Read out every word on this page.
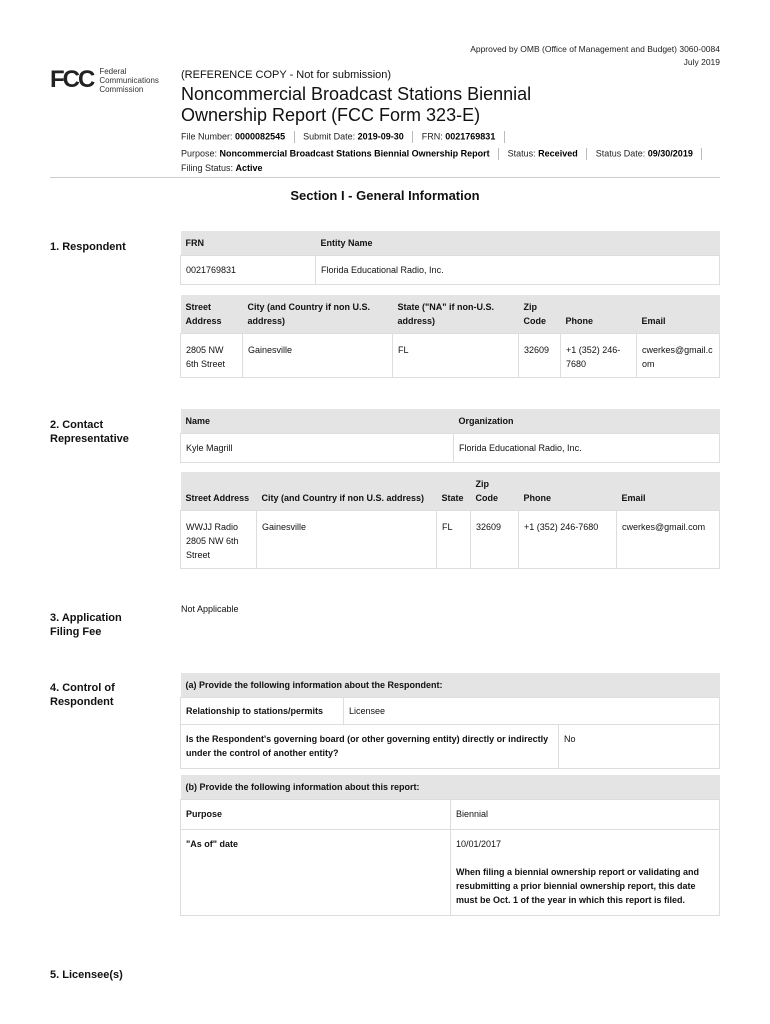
Approved by OMB (Office of Management and Budget) 3060-0084
July 2019
FCC Federal
Communications
Commission
(REFERENCE COPY - Not for submission)
Noncommercial Broadcast Stations Biennial Ownership Report (FCC Form 323-E)
File Number: 0000082545 Submit Date: 2019-09-30 FRN: 0021769831
Purpose: Noncommercial Broadcast Stations Biennial Ownership Report Status: Received Status Date: 09/30/2019
Filing Status: Active
Section I - General Information
1. Respondent	FRN	Entity Name
0021769831	Florida Educational Radio, Inc.
Street Address	City (and Country if non U.S. address)	State ("NA" if non-U.S. address)	Zip Code	Phone	Email
2805 NW 6th Street	Gainesville	FL	32609	+1 (352) 246-7680	cwerkes@gmail.com
2. Contact
Representative
Name	Organization
Kyle Magrill	Florida Educational Radio, Inc.
Street Address	City (and Country if non U.S. address)	State	Zip Code	Phone	Email
WWJJ Radio 2805 NW 6th Street	Gainesville	FL	32609	+1 (352) 246-7680	cwerkes@gmail.com
3. Application
Filing Fee
Not Applicable
4. Control of
Respondent
(a) Provide the following information about the Respondent:		
Relationship to stations/permits	Licensee	
Is the Respondent's governing board (or other governing entity) directly or indirectly under the control of another entity?		No
(b) Provide the following information about this report:	
Purpose	Biennial
"As of" date	10/01/2017
When filing a biennial ownership report or validating and resubmitting a prior biennial ownership report, this date must be Oct. 1 of the year in which this report is filed.
5. Licensee(s)
